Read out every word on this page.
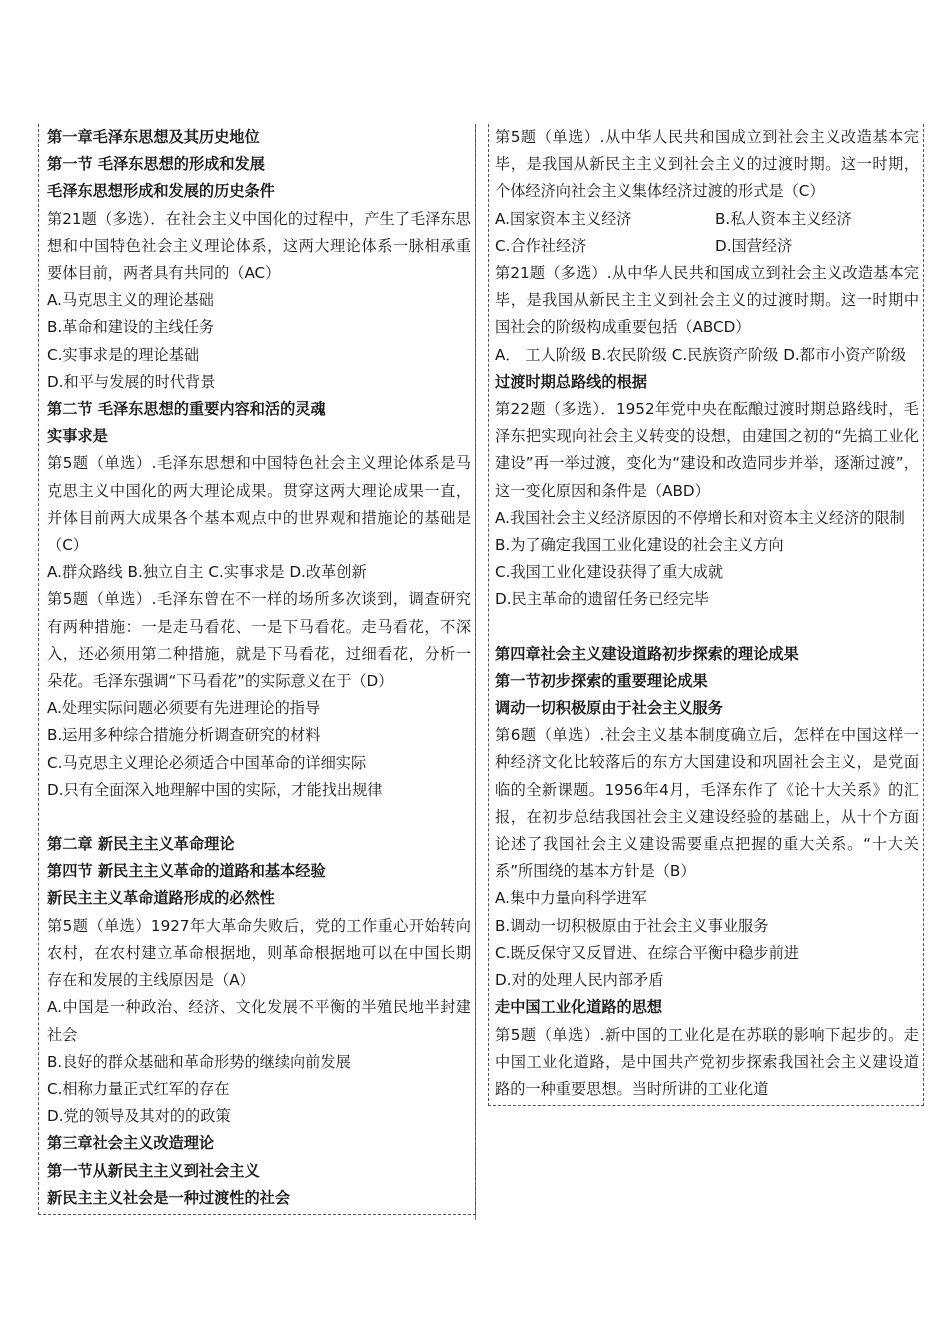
第一章毛泽东思想及其历史地位
第一节 毛泽东思想的形成和发展
毛泽东思想形成和发展的历史条件
第21题（多选）．在社会主义中国化的过程中，产生了毛泽东思想和中国特色社会主义理论体系，这两大理论体系一脉相承重要体目前，两者具有共同的（AC）
A.马克思主义的理论基础
B.革命和建设的主线任务
C.实事求是的理论基础
D.和平与发展的时代背景
第二节 毛泽东思想的重要内容和活的灵魂
实事求是
第5题（单选）.毛泽东思想和中国特色社会主义理论体系是马克思主义中国化的两大理论成果。贯穿这两大理论成果一直，并体目前两大成果各个基本观点中的世界观和措施论的基础是（C）
A.群众路线 B.独立自主 C.实事求是 D.改革创新
第5题（单选）.毛泽东曾在不一样的场所多次谈到，调查研究有两种措施：一是走马看花、一是下马看花。走马看花，不深入，还必须用第二种措施，就是下马看花，过细看花，分析一朵花。毛泽东强调“下马看花”的实际意义在于（D）
A.处理实际问题必须要有先进理论的指导
B.运用多种综合措施分析调查研究的材料
C.马克思主义理论必须适合中国革命的详细实际
D.只有全面深入地理解中国的实际，才能找出规律
第二章 新民主主义革命理论
第四节 新民主主义革命的道路和基本经验
新民主主义革命道路形成的必然性
第5题（单选）1927年大革命失败后，党的工作重心开始转向农村，在农村建立革命根据地，则革命根据地可以在中国长期存在和发展的主线原因是（A）
A.中国是一种政治、经济、文化发展不平衡的半殖民地半封建社会
B.良好的群众基础和革命形势的继续向前发展
C.相称力量正式红军的存在
D.党的领导及其对的的政策
第三章社会主义改造理论
第一节从新民主主义到社会主义
新民主主义社会是一种过渡性的社会
第5题（单选）.从中华人民共和国成立到社会主义改造基本完毕，是我国从新民主主义到社会主义的过渡时期。这一时期，个体经济向社会主义集体经济过渡的形式是（C）
A.国家资本主义经济	B.私人资本主义经济
C.合作社经济	D.国营经济
第21题（多选）.从中华人民共和国成立到社会主义改造基本完毕，是我国从新民主主义到社会主义的过渡时期。这一时期中国社会的阶级构成重要包括（ABCD）
A． 工人阶级 B.农民阶级 C.民族资产阶级 D.都市小资产阶级
过渡时期总路线的根据
第22题（多选）．1952年党中央在酝酿过渡时期总路线时，毛泽东把实现向社会主义转变的设想，由建国之初的“先搞工业化建设”再一举过渡，变化为“建设和改造同步并举，逐渐过渡”，这一变化原因和条件是（ABD）
A.我国社会主义经济原因的不停增长和对资本主义经济的限制
B.为了确定我国工业化建设的社会主义方向
C.我国工业化建设获得了重大成就
D.民主革命的遗留任务已经完毕
第四章社会主义建设道路初步探索的理论成果
第一节初步探索的重要理论成果
调动一切积极原由于社会主义服务
第6题（单选）.社会主义基本制度确立后，怎样在中国这样一种经济文化比较落后的东方大国建设和巩固社会主义，是党面临的全新课题。1956年4月，毛泽东作了《论十大关系》的汇报，在初步总结我国社会主义建设经验的基础上，从十个方面论述了我国社会主义建设需要重点把握的重大关系。“十大关系”所围绕的基本方针是（B）
A.集中力量向科学进军
B.调动一切积极原由于社会主义事业服务
C.既反保守又反冒进、在综合平衡中稳步前进
D.对的处理人民内部矛盾
走中国工业化道路的思想
第5题（单选）.新中国的工业化是在苏联的影响下起步的。走中国工业化道路，是中国共产党初步探索我国社会主义建设道路的一种重要思想。当时所讲的工业化道
